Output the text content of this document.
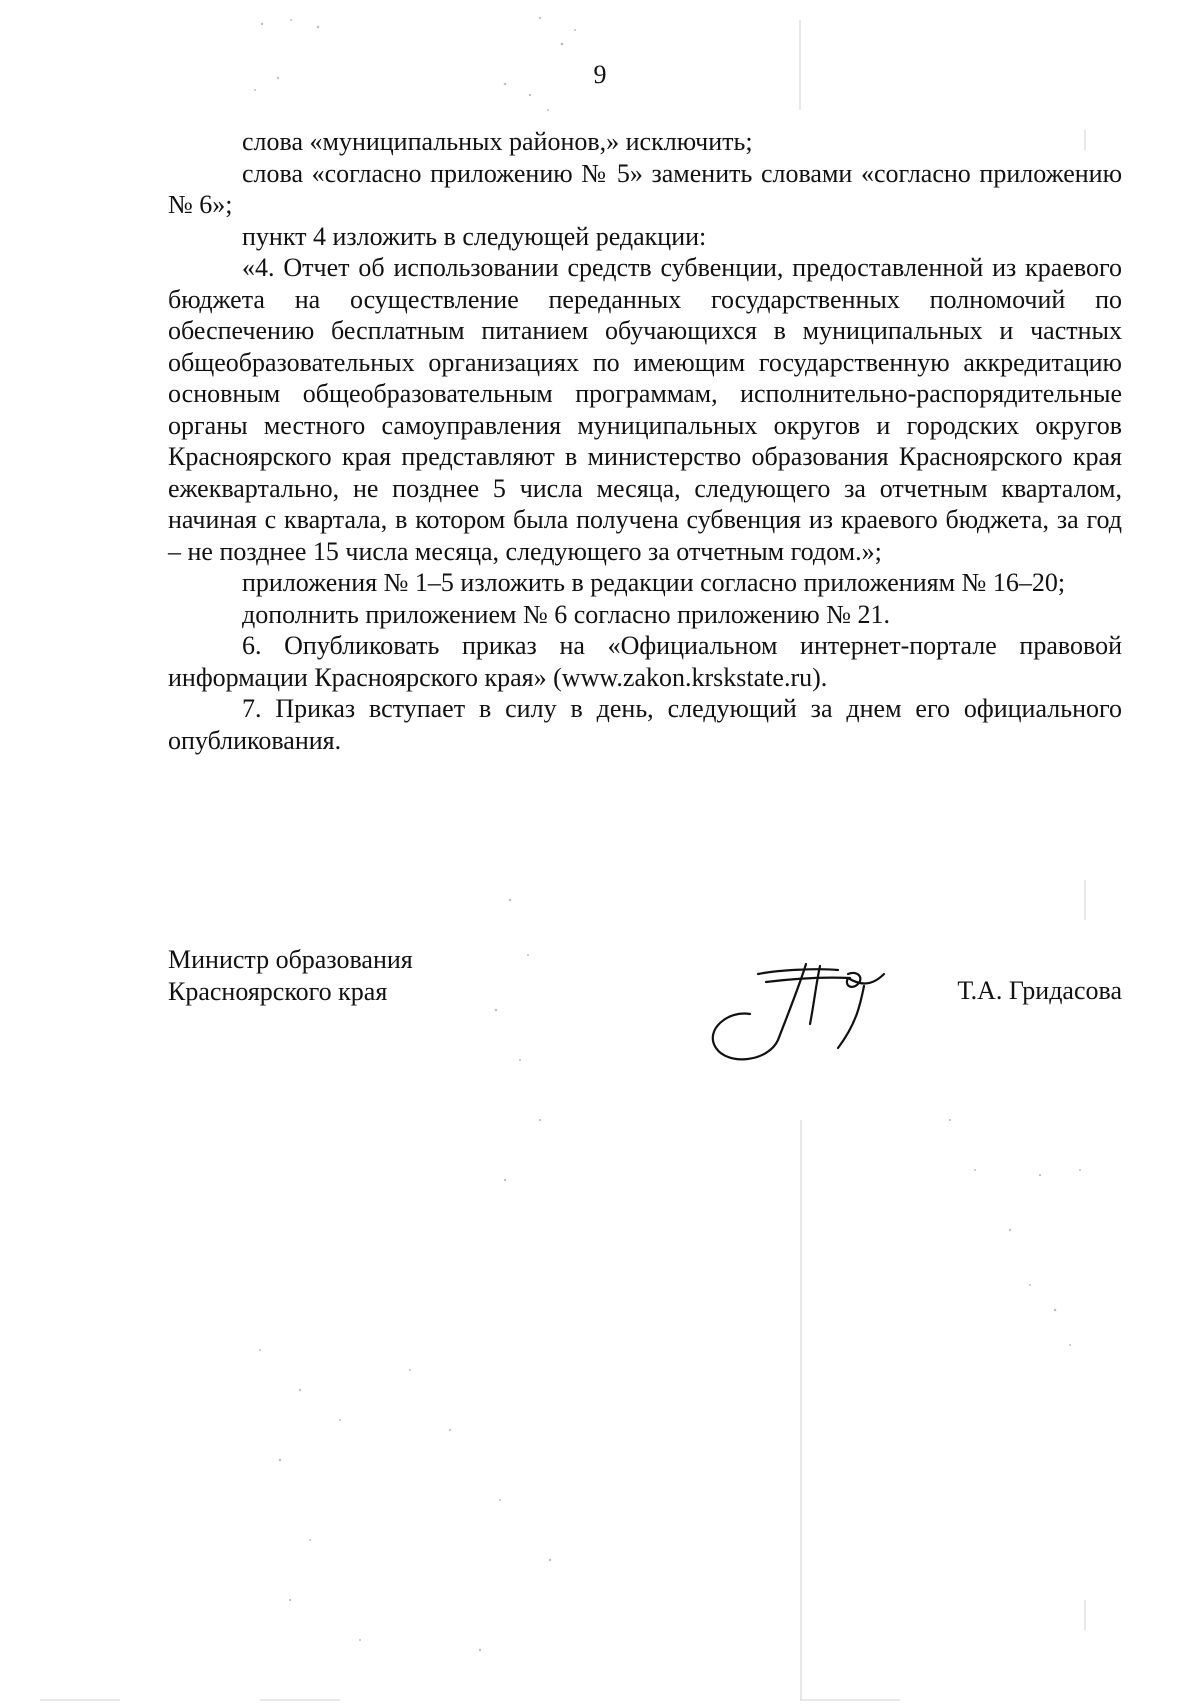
9

слова «муниципальных районов,» исключить;

слова «согласно приложению № 5» заменить словами «согласно приложению № 6»;

пункт 4 изложить в следующей редакции:

«4. Отчет об использовании средств субвенции, предоставленной из краевого бюджета на осуществление переданных государственных полномочий по обеспечению бесплатным питанием обучающихся в муниципальных и частных общеобразовательных организациях по имеющим государственную аккредитацию основным общеобразовательным программам, исполнительно-распорядительные органы местного самоуправления муниципальных округов и городских округов Красноярского края представляют в министерство образования Красноярского края ежеквартально, не позднее 5 числа месяца, следующего за отчетным кварталом, начиная с квартала, в котором была получена субвенция из краевого бюджета, за год – не позднее 15 числа месяца, следующего за отчетным годом.»;

приложения № 1–5 изложить в редакции согласно приложениям № 16–20;

дополнить приложением № 6 согласно приложению № 21.

6. Опубликовать приказ на «Официальном интернет-портале правовой информации Красноярского края» (www.zakon.krskstate.ru).

7. Приказ вступает в силу в день, следующий за днем его официального опубликования.

Министр образования
Красноярского края	Т.А. Гридасова
